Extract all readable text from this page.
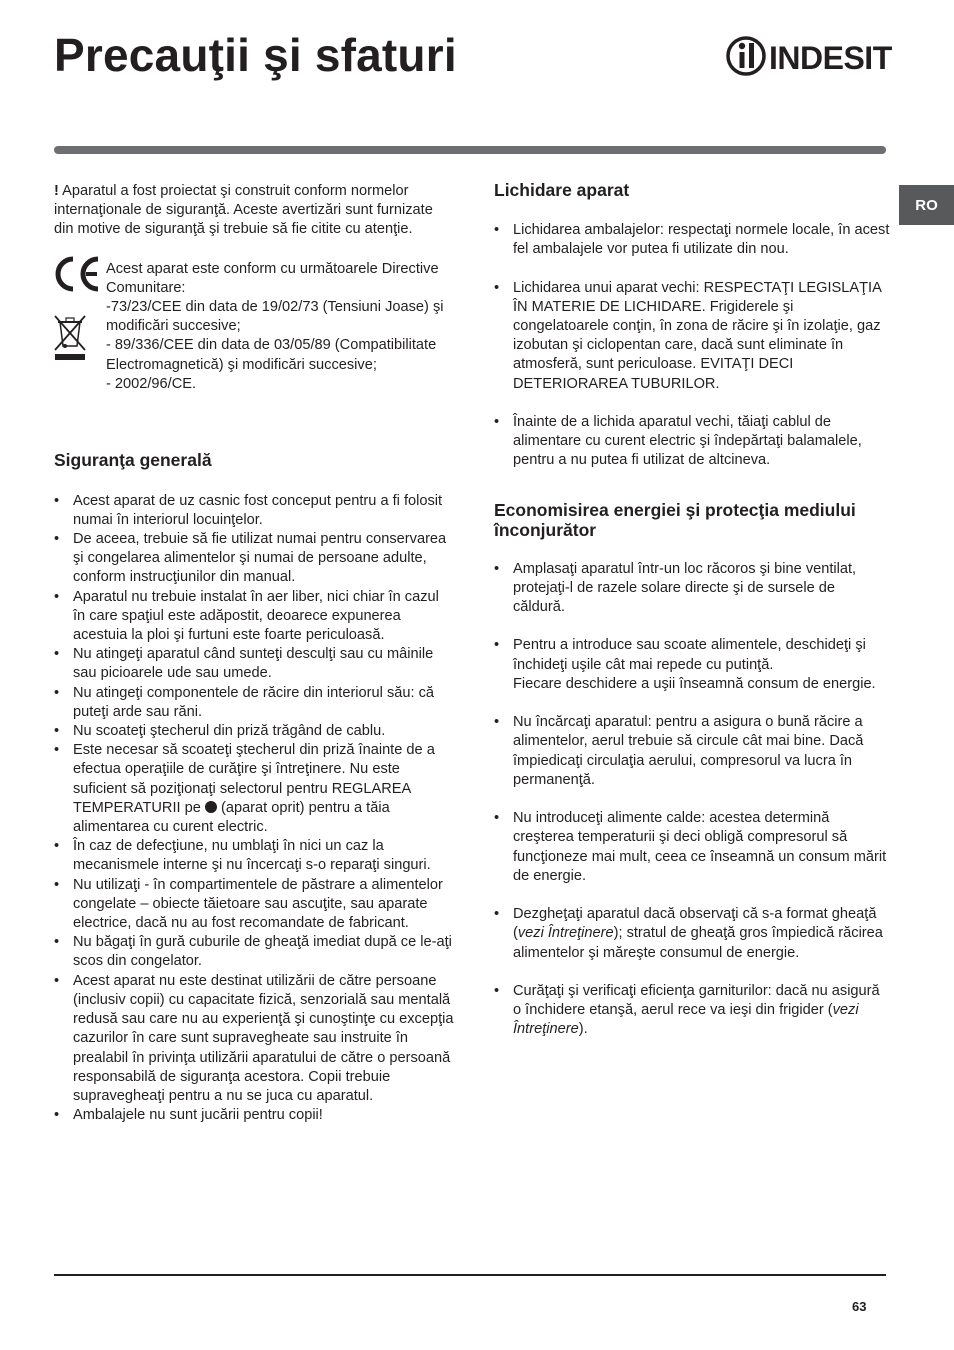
Precauţii şi sfaturi	INDESIT
RO

! Aparatul a fost proiectat şi construit conform normelor internaţionale de siguranţă. Aceste avertizări sunt furnizate din motive de siguranţă şi trebuie să fie citite cu atenţie.

Acest aparat este conform cu următoarele Directive Comunitare:

-73/23/CEE din data de 19/02/73 (Tensiuni Joase) şi modificări succesive;

- 89/336/CEE din data de 03/05/89 (Compatibilitate Electromagnetică) şi modificări succesive;

- 2002/96/CE.

Siguranţa generală
• Acest aparat de uz casnic fost conceput pentru a fi folosit numai în interiorul locuinţelor.
• De aceea, trebuie să fie utilizat numai pentru conservarea şi congelarea alimentelor şi numai de persoane adulte, conform instrucţiunilor din manual.
• Aparatul nu trebuie instalat în aer liber, nici chiar în cazul în care spaţiul este adăpostit, deoarece expunerea acestuia la ploi şi furtuni este foarte periculoasă.
• Nu atingeţi aparatul când sunteţi desculţi sau cu mâinile sau picioarele ude sau umede.
• Nu atingeţi componentele de răcire din interiorul său: că puteţi arde sau răni.
• Nu scoateţi ştecherul din priză trăgând de cablu.
• Este necesar să scoateţi ştecherul din priză înainte de a efectua operaţiile de curăţire şi întreţinere. Nu este suficient să poziţionaţi selectorul pentru REGLAREA TEMPERATURII pe  (aparat oprit) pentru a tăia alimentarea cu curent electric.
• În caz de defecţiune, nu umblaţi în nici un caz la mecanismele interne şi nu încercaţi s-o reparaţi singuri.
• Nu utilizaţi - în compartimentele de păstrare a alimentelor congelate – obiecte tăietoare sau ascuţite, sau aparate electrice, dacă nu au fost recomandate de fabricant.
• Nu băgaţi în gură cuburile de gheaţă imediat după ce le-aţi scos din congelator.
• Acest aparat nu este destinat utilizării de către persoane (inclusiv copii) cu capacitate fizică, senzorială sau mentală redusă sau care nu au experienţă şi cunoştinţe cu excepţia cazurilor în care sunt supravegheate sau instruite în prealabil în privinţa utilizării aparatului de către o persoană responsabilă de siguranţa acestora. Copii trebuie supravegheaţi pentru a nu se juca cu aparatul.
• Ambalajele nu sunt jucării pentru copii!
Lichidare aparat
• Lichidarea ambalajelor: respectaţi normele locale, în acest fel ambalajele vor putea fi utilizate din nou.
• Lichidarea unui aparat vechi: RESPECTAŢI LEGISLAŢIA ÎN MATERIE DE LICHIDARE. Frigiderele şi congelatoarele conţin, în zona de răcire şi în izolaţie, gaz izobutan şi ciclopentan care, dacă sunt eliminate în atmosferă, sunt periculoase. EVITAŢI DECI DETERIORAREA TUBURILOR.
• Înainte de a lichida aparatul vechi, tăiaţi cablul de alimentare cu curent electric şi îndepărtaţi balamalele, pentru a nu putea fi utilizat de altcineva.
Economisirea energiei şi protecţia mediului înconjurător
• Amplasaţi aparatul într-un loc răcoros şi bine ventilat, protejaţi-l de razele solare directe şi de sursele de căldură.

• Pentru a introduce sau scoate alimentele, deschideţi şi închideţi uşile cât mai repede cu putinţă.

Fiecare deschidere a uşii înseamnă consum de energie.

• Nu încărcaţi aparatul: pentru a asigura o bună răcire a alimentelor, aerul trebuie să circule cât mai bine. Dacă împiedicaţi circulaţia aerului, compresorul va lucra în permanenţă.
• Nu introduceţi alimente calde: acestea determină creşterea temperaturii şi deci obligă compresorul să funcţioneze mai mult, ceea ce înseamnă un consum mărit de energie.
• Dezgheţaţi aparatul dacă observaţi că s-a format gheaţă (vezi Întreţinere); stratul de gheaţă gros împiedică răcirea alimentelor şi măreşte consumul de energie.
• Curăţaţi şi verificaţi eficienţa garniturilor: dacă nu asigură o închidere etanşă, aerul rece va ieşi din frigider (vezi Întreţinere).
63
